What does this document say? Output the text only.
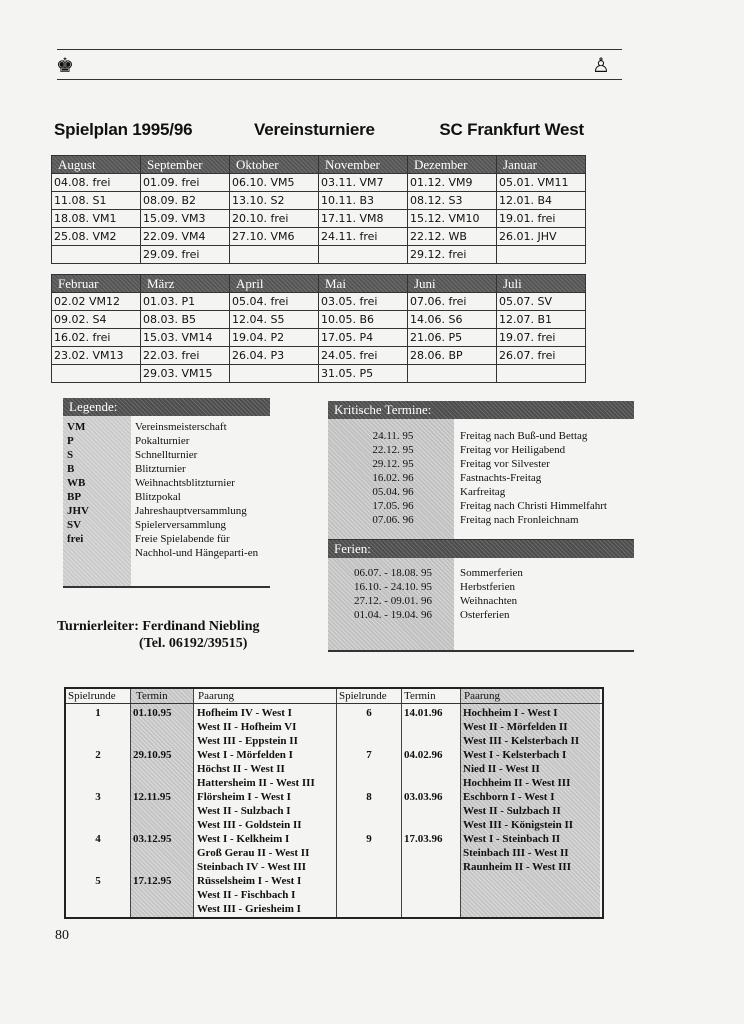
♚	♙
Spielplan 1995/96	Vereinsturniere	SC Frankfurt West
August	September	Oktober	November	Dezember	Januar
04.08. frei	01.09. frei	06.10. VM5	03.11. VM7	01.12. VM9	05.01. VM11
11.08. S1	08.09. B2	13.10. S2	10.11. B3	08.12. S3	12.01. B4
18.08. VM1	15.09. VM3	20.10. frei	17.11. VM8	15.12. VM10	19.01. frei
25.08. VM2	22.09. VM4	27.10. VM6	24.11. frei	22.12. WB	26.01. JHV
	29.09. frei			29.12. frei	
Februar	März	April	Mai	Juni	Juli
02.02 VM12	01.03. P1	05.04. frei	03.05. frei	07.06. frei	05.07. SV
09.02. S4	08.03. B5	12.04. S5	10.05. B6	14.06. S6	12.07. B1
16.02. frei	15.03. VM14	19.04. P2	17.05. P4	21.06. P5	19.07. frei
23.02. VM13	22.03. frei	26.04. P3	24.05. frei	28.06. BP	26.07. frei
	29.03. VM15		31.05. P5		
Legende:
VM	Vereinsmeisterschaft
P	Pokalturnier
S	Schnellturnier
B	Blitzturnier
WB	Weihnachtsblitzturnier
BP	Blitzpokal
JHV	Jahreshauptversammlung
SV	Spielerversammlung
frei	Freie Spielabende für Nachhol-und Hängeparti-en
Kritische Termine:
24.11. 95	Freitag nach Buß-und Bettag
22.12. 95	Freitag vor Heiligabend
29.12. 95	Freitag vor Silvester
16.02. 96	Fastnachts-Freitag
05.04. 96	Karfreitag
17.05. 96	Freitag nach Christi Himmelfahrt
07.06. 96	Freitag nach Fronleichnam
Ferien:
06.07. - 18.08. 95	Sommerferien
16.10. - 24.10. 95	Herbstferien
27.12. - 09.01. 96	Weihnachten
01.04. - 19.04. 96	Osterferien
Turnierleiter: Ferdinand Niebling
(Tel. 06192/39515)
Spielrunde Termin	Paarung	Spielrunde Termin	Paarung
1	01.10.95 Hofheim IV - West I
West II - Hofheim VI
West III - Eppstein II
2	29.10.95 West I - Mörfelden I
Höchst II - West II
Hattersheim II - West III
3	12.11.95 Flörsheim I - West I
West II - Sulzbach I
West III - Goldstein II
4	03.12.95 West I - Kelkheim I
Groß Gerau II - West II
Steinbach IV - West III
5	17.12.95 Rüsselsheim I - West I
West II - Fischbach I
West III - Griesheim I
6	14.01.96 Hochheim I - West I
West II - Mörfelden II
West III - Kelsterbach II
7	04.02.96 West I - Kelsterbach I
Nied II - West II
Hochheim II - West III
8	03.03.96 Eschborn I - West I
West II - Sulzbach II
West III - Königstein II
9	17.03.96 West I - Steinbach II
Steinbach III - West II
Raunheim II - West III
80
